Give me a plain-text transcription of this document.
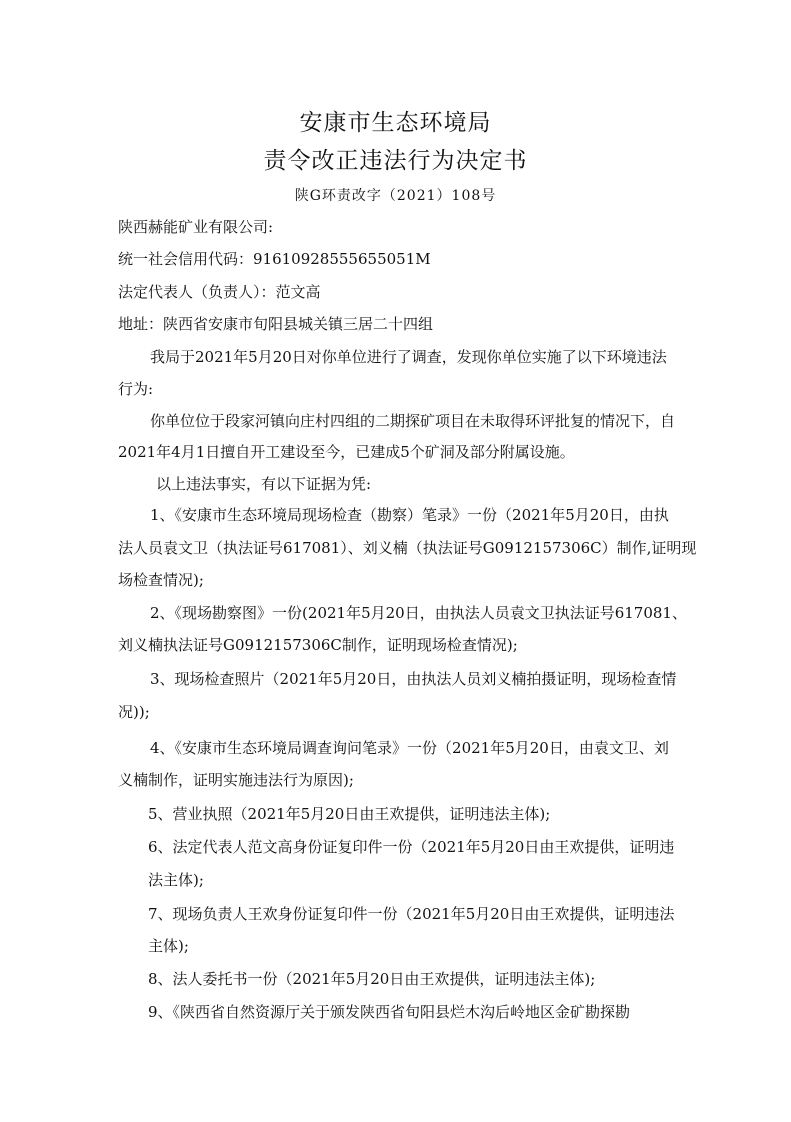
安康市生态环境局
责令改正违法行为决定书
陕G环责改字（2021）108号
陕西赫能矿业有限公司:
统一社会信用代码：91610928555655051M
法定代表人（负责人）：范文高
地址：陕西省安康市旬阳县城关镇三居二十四组
我局于2021年5月20日对你单位进行了调查，发现你单位实施了以下环境违法
行为:
你单位位于段家河镇向庄村四组的二期探矿项目在未取得环评批复的情况下，自
2021年4月1日擅自开工建设至今，已建成5个矿洞及部分附属设施。
以上违法事实，有以下证据为凭:
1、《安康市生态环境局现场检查（勘察）笔录》一份（2021年5月20日，由执
法人员袁文卫（执法证号617081）、刘义楠（执法证号G0912157306C）制作,证明现
场检查情况);
2、《现场勘察图》一份(2021年5月20日，由执法人员袁文卫执法证号617081、
刘义楠执法证号G0912157306C制作，证明现场检查情况);
3、现场检查照片（2021年5月20日，由执法人员刘义楠拍摄证明，现场检查情
况));
4、《安康市生态环境局调查询问笔录》一份（2021年5月20日，由袁文卫、刘
义楠制作，证明实施违法行为原因);
5、营业执照（2021年5月20日由王欢提供，证明违法主体);
6、法定代表人范文高身份证复印件一份（2021年5月20日由王欢提供，证明违
法主体);
7、现场负责人王欢身份证复印件一份（2021年5月20日由王欢提供，证明违法
主体);
8、法人委托书一份（2021年5月20日由王欢提供，证明违法主体);
9、《陕西省自然资源厅关于颁发陕西省旬阳县烂木沟后岭地区金矿勘探勘
